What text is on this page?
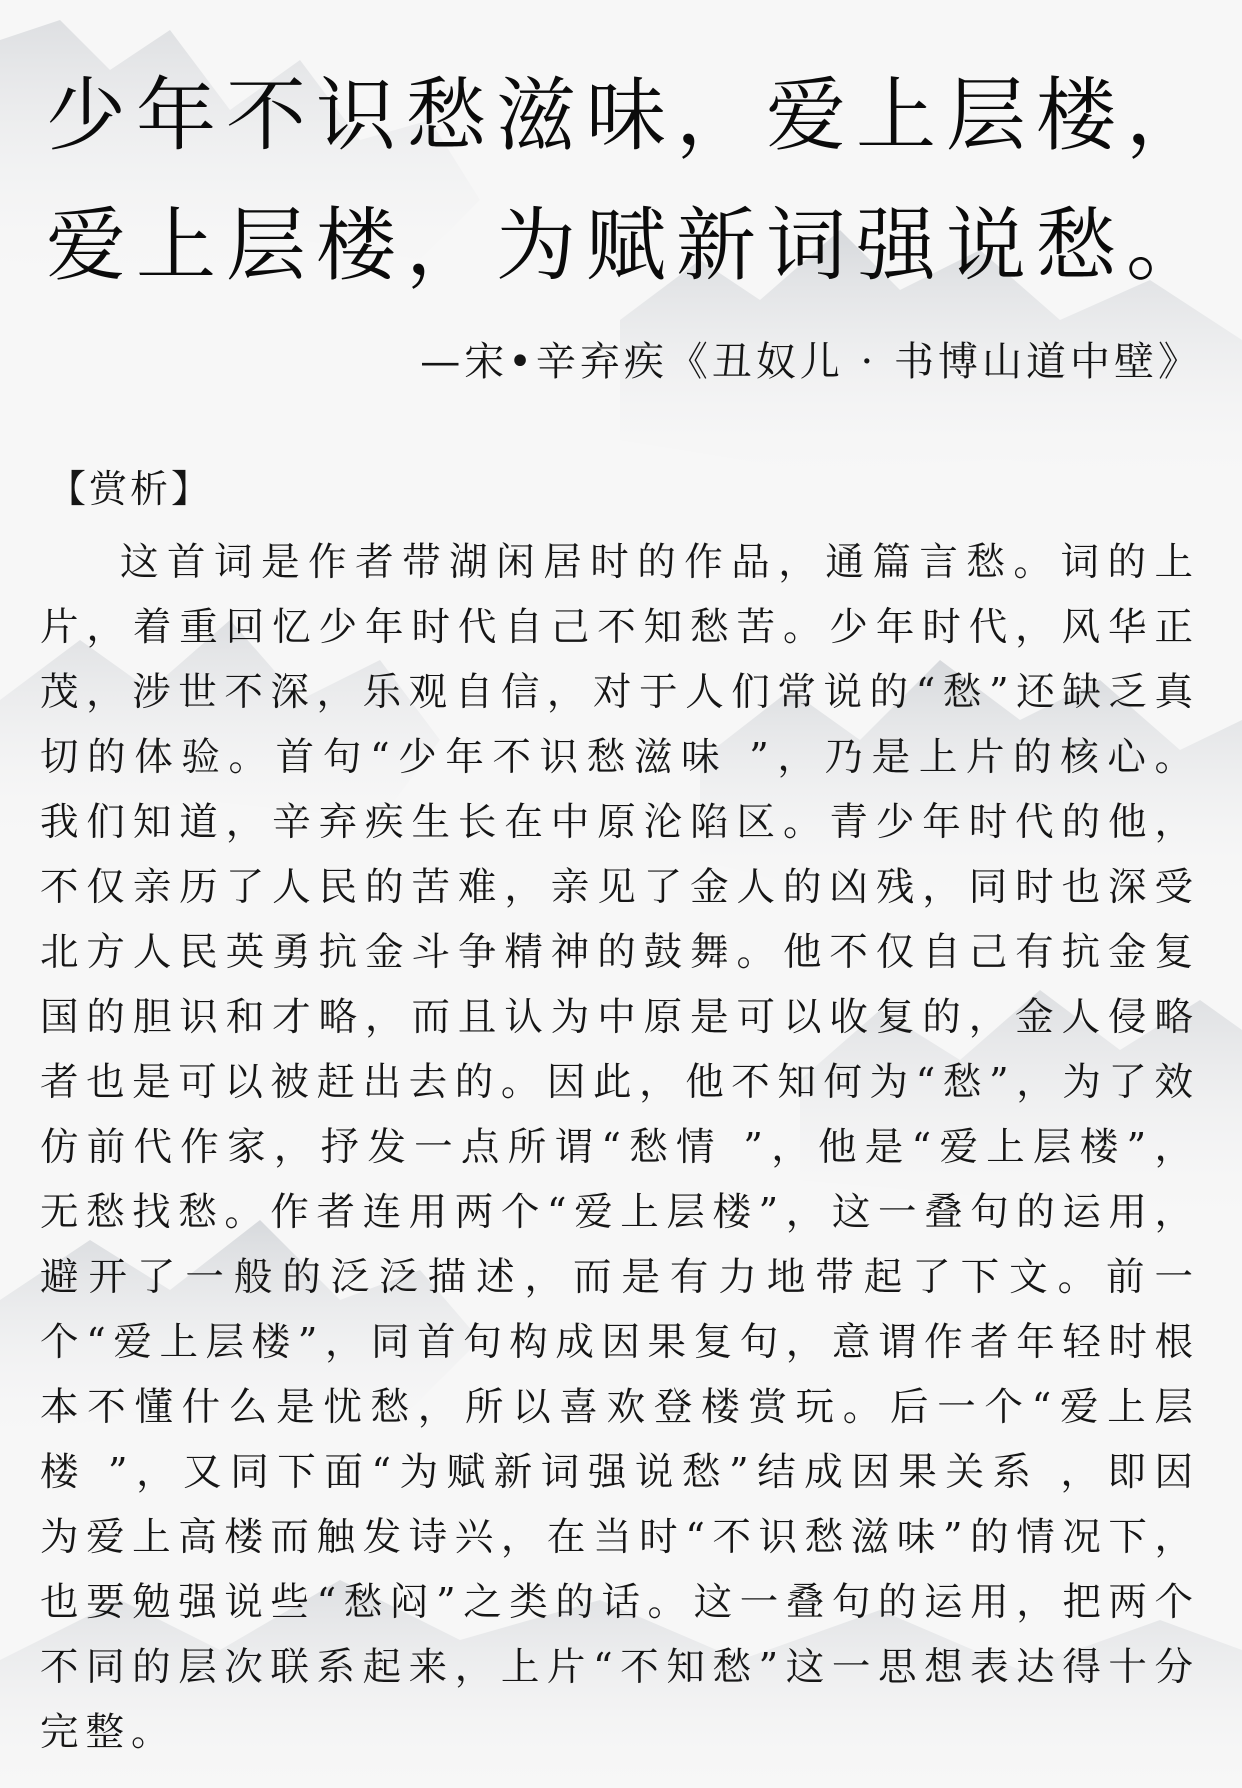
少年不识愁滋味，爱上层楼，
爱上层楼，为赋新词强说愁。
—宋•辛弃疾《丑奴儿 · 书博山道中壁》
【赏析】

这首词是作者带湖闲居时的作品，通篇言愁。词的上片，着重回忆少年时代自己不知愁苦。少年时代，风华正茂，涉世不深，乐观自信，对于人们常说的“愁”还缺乏真切的体验。首句“少年不识愁滋味 ”，乃是上片的核心。我们知道，辛弃疾生长在中原沦陷区。青少年时代的他，不仅亲历了人民的苦难，亲见了金人的凶残，同时也深受北方人民英勇抗金斗争精神的鼓舞。他不仅自己有抗金复国的胆识和才略，而且认为中原是可以收复的，金人侵略者也是可以被赶出去的。因此，他不知何为“愁”，为了效仿前代作家，抒发一点所谓“愁情 ”，他是“爱上层楼”，无愁找愁。作者连用两个“爱上层楼”，这一叠句的运用，避开了一般的泛泛描述，而是有力地带起了下文。前一个“爱上层楼”，同首句构成因果复句，意谓作者年轻时根本不懂什么是忧愁，所以喜欢登楼赏玩。后一个“爱上层楼 ”，又同下面“为赋新词强说愁”结成因果关系 ，即因为爱上高楼而触发诗兴，在当时“不识愁滋味”的情况下，也要勉强说些“愁闷”之类的话。这一叠句的运用，把两个不同的层次联系起来，上片“不知愁”这一思想表达得十分完整。
